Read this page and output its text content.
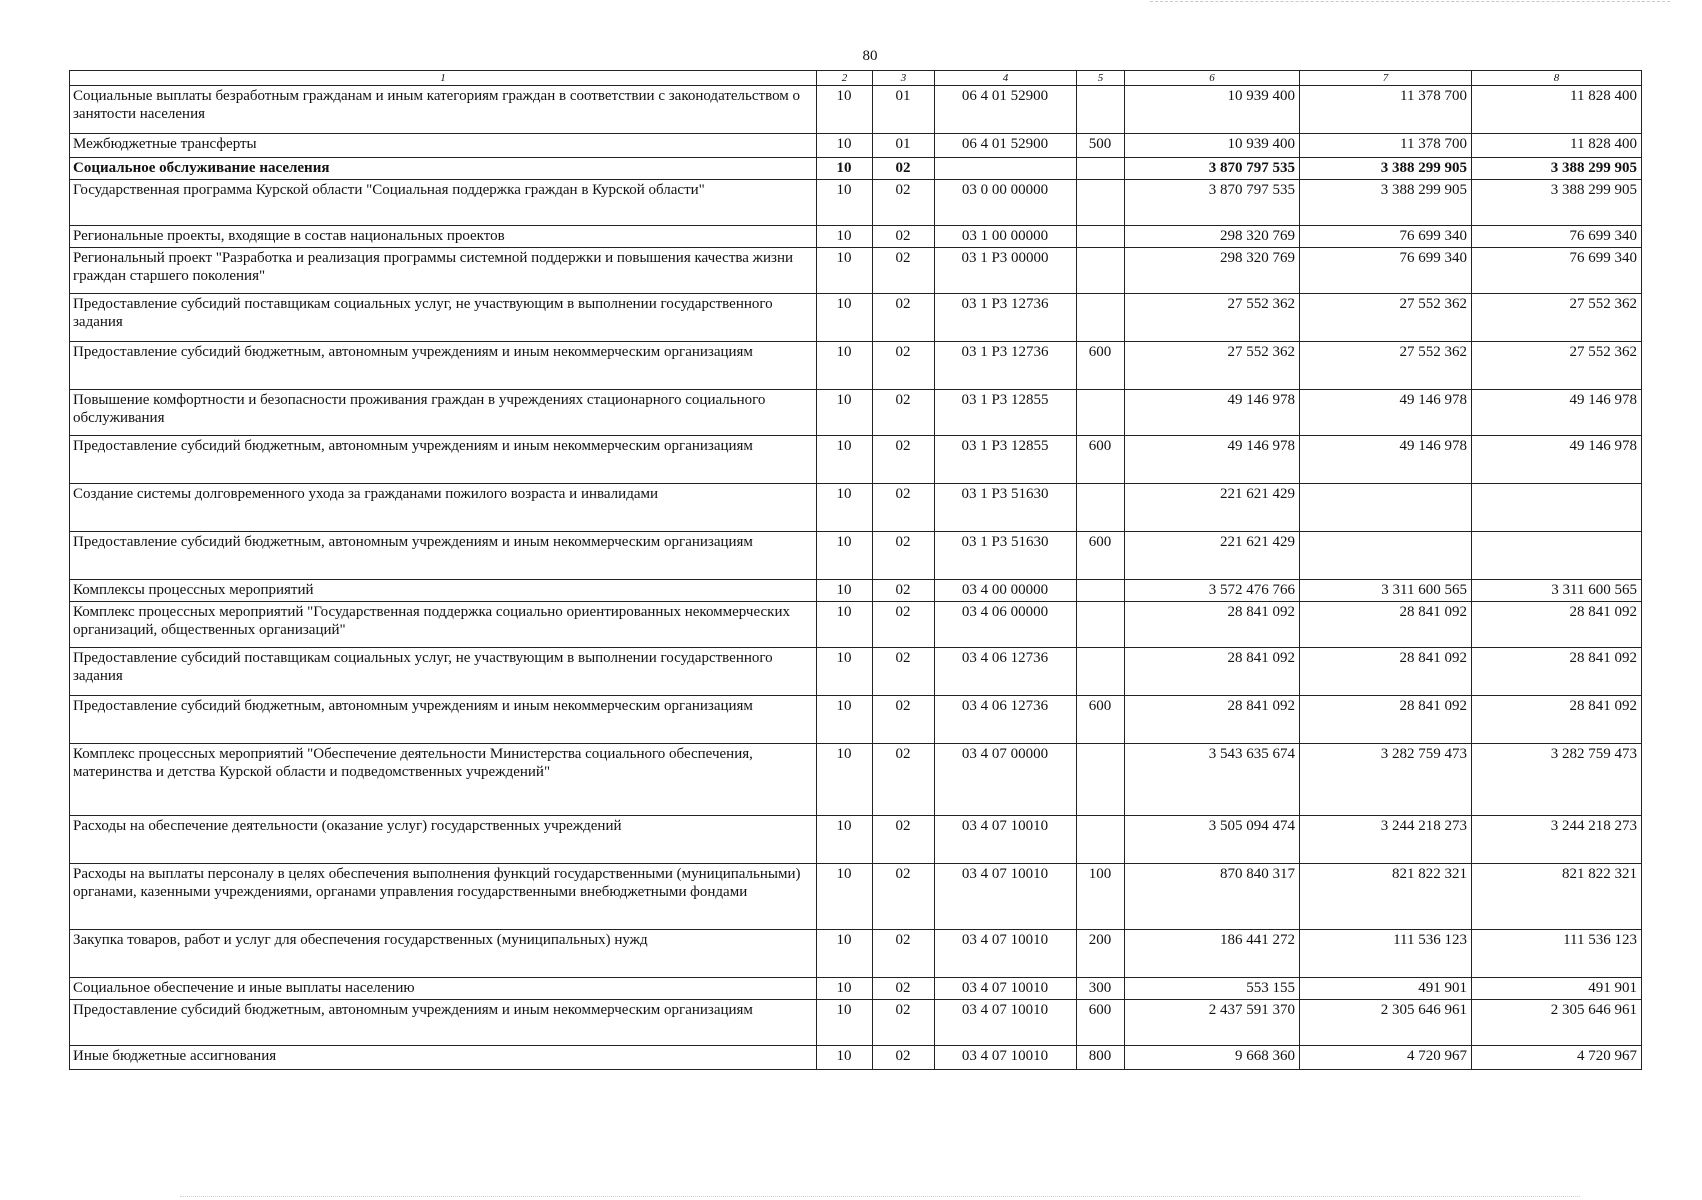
80
1	2	3	4	5	6	7	8
Социальные выплаты безработным гражданам и иным категориям граждан в соответствии с законодательством о занятости населения	10	01	06 4 01 52900		10 939 400	11 378 700	11 828 400
Межбюджетные трансферты	10	01	06 4 01 52900	500	10 939 400	11 378 700	11 828 400
Социальное обслуживание населения	10	02			3 870 797 535	3 388 299 905	3 388 299 905
Государственная программа Курской области "Социальная поддержка граждан в Курской области"	10	02	03 0 00 00000		3 870 797 535	3 388 299 905	3 388 299 905
Региональные проекты, входящие в состав национальных проектов	10	02	03 1 00 00000		298 320 769	76 699 340	76 699 340
Региональный проект "Разработка и реализация программы системной поддержки и повышения качества жизни граждан старшего поколения"	10	02	03 1 P3 00000		298 320 769	76 699 340	76 699 340
Предоставление субсидий поставщикам социальных услуг, не участвующим в выполнении государственного задания	10	02	03 1 P3 12736		27 552 362	27 552 362	27 552 362
Предоставление субсидий бюджетным, автономным учреждениям и иным некоммерческим организациям	10	02	03 1 P3 12736	600	27 552 362	27 552 362	27 552 362
Повышение комфортности и безопасности проживания граждан в учреждениях стационарного социального обслуживания	10	02	03 1 P3 12855		49 146 978	49 146 978	49 146 978
Предоставление субсидий бюджетным, автономным учреждениям и иным некоммерческим организациям	10	02	03 1 P3 12855	600	49 146 978	49 146 978	49 146 978
Создание системы долговременного ухода за гражданами пожилого возраста и инвалидами	10	02	03 1 P3 51630		221 621 429		
Предоставление субсидий бюджетным, автономным учреждениям и иным некоммерческим организациям	10	02	03 1 P3 51630	600	221 621 429		
Комплексы процессных мероприятий	10	02	03 4 00 00000		3 572 476 766	3 311 600 565	3 311 600 565
Комплекс процессных мероприятий "Государственная поддержка социально ориентированных некоммерческих организаций, общественных организаций"	10	02	03 4 06 00000		28 841 092	28 841 092	28 841 092
Предоставление субсидий поставщикам социальных услуг, не участвующим в выполнении государственного задания	10	02	03 4 06 12736		28 841 092	28 841 092	28 841 092
Предоставление субсидий бюджетным, автономным учреждениям и иным некоммерческим организациям	10	02	03 4 06 12736	600	28 841 092	28 841 092	28 841 092
Комплекс процессных мероприятий "Обеспечение деятельности Министерства социального обеспечения, материнства и детства Курской области и подведомственных учреждений"	10	02	03 4 07 00000		3 543 635 674	3 282 759 473	3 282 759 473
Расходы на обеспечение деятельности (оказание услуг) государственных учреждений	10	02	03 4 07 10010		3 505 094 474	3 244 218 273	3 244 218 273
Расходы на выплаты персоналу в целях обеспечения выполнения функций государственными (муниципальными) органами, казенными учреждениями, органами управления государственными внебюджетными фондами	10	02	03 4 07 10010	100	870 840 317	821 822 321	821 822 321
Закупка товаров, работ и услуг для обеспечения государственных (муниципальных) нужд	10	02	03 4 07 10010	200	186 441 272	111 536 123	111 536 123
Социальное обеспечение и иные выплаты населению	10	02	03 4 07 10010	300	553 155	491 901	491 901
Предоставление субсидий бюджетным, автономным учреждениям и иным некоммерческим организациям	10	02	03 4 07 10010	600	2 437 591 370	2 305 646 961	2 305 646 961
Иные бюджетные ассигнования	10	02	03 4 07 10010	800	9 668 360	4 720 967	4 720 967
